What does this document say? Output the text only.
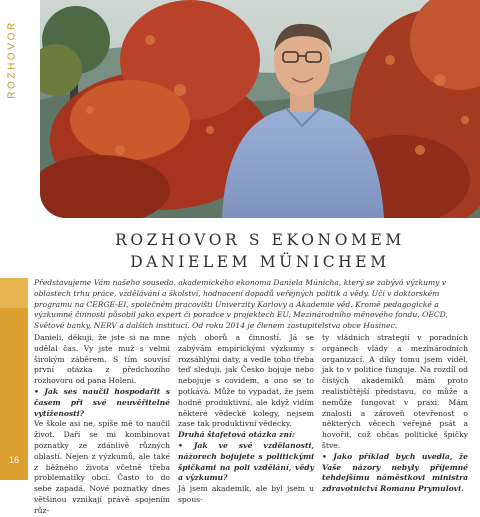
ROZHOVOR
16
ROZHOVOR S EKONOMEM
DANIELEM MÜNICHEM
Představujeme Vám našeho souseda, akademického ekonoma Daniela Múnicha, který se zabývá výzkumy v oblastech trhu práce, vzdělávání a školství, hodnocení dopadů veřejných politik a vědy. Učí v doktorském programu na CERGE-EI, společném pracovišti Univerzity Karlovy a Akademie věd. Kromě pedagogické a výzkumné činnosti působil jako expert či poradce v projektech EU, Mezinárodního měnového fondu, OECD, Světové banky, NERV a dalších institucí. Od roku 2014 je členem zastupitelstva obce Husinec.

Danieli, děkuji, že jste si na mne udělal čas. Vy jste muž s velmi širokým záběrem. S tím souvisí první otázka z předchozího rozhovoru od pana Holeni.

• Jak ses naučil hospodařit s časem při své neuvěřitelné vytíženosti?

Ve škole asi ne, spíše mě to naučil život. Daří se mi kombinovat poznatky ze zdánlivě různých oblastí. Nejen z výzkumů, ale také z běžného života včetně třeba problematiky obcí. Často to do sebe zapadá. Nové poznatky dnes většinou vznikají právě spojením růz-

ných oborů a činností. Já se zabývám empirickými výzkumy s rozsáhlými daty, a vedle toho třeba teď sleduji, jak Česko bojuje nebo nebojuje s covidem, a ono se to potkává. Může to vypadat, že jsem hodně produktivní, ale když vidím některé vědecké kolegy, nejsem zase tak produktivní vědecky.

Druhá štafetová otázka zní:

• Jak ve své vzdělanosti, názorech bojujete s politickými špičkami na poli vzdělání, vědy a výzkumu?

Já jsem akademik, ale byl jsem u spous-

ty vládních strategií v poradních orgánech vlády a mezinárodních organizací. A díky tomu jsem viděl, jak to v politice funguje. Na rozdíl od čistých akademiků mám proto realističtější představu, co může a nemůže fungovat v praxi. Mám znalosti a zároveň otevřenost o některých věcech veřejně psát a hovořit, což občas politické špičky štve.

• Jako příklad bych uvedla, že Vaše názory nebyly příjemné tehdejšímu náměstkovi ministra zdravotnictví Romanu Prymulovi.
